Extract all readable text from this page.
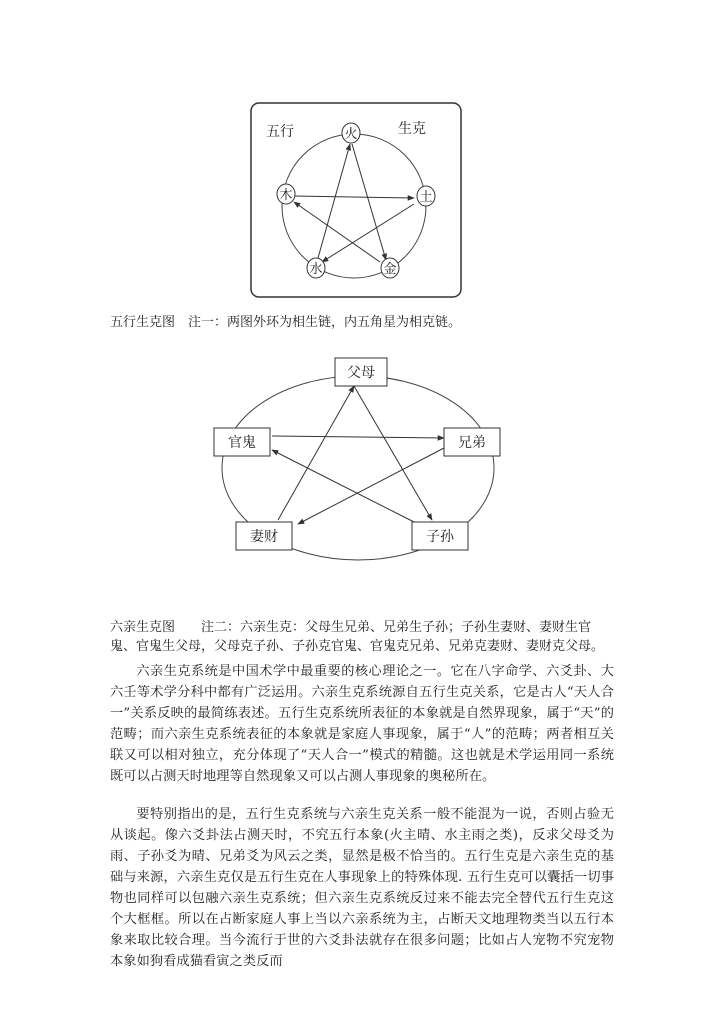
五行	生克
火
土
金
水
木

五行生克图　注一：两图外环为相生链，内五角星为相克链。

父母
兄弟
子孙
妻财
官鬼

六亲生克图　　注二：六亲生克：父母生兄弟、兄弟生子孙；子孙生妻财、妻财生官鬼、官鬼生父母，父母克子孙、子孙克官鬼、官鬼克兄弟、兄弟克妻财、妻财克父母。

六亲生克系统是中国术学中最重要的核心理论之一。它在八字命学、六爻卦、大六壬等术学分科中都有广泛运用。六亲生克系统源自五行生克关系，它是古人“天人合一”关系反映的最简练表述。五行生克系统所表征的本象就是自然界现象，属于“天”的范畴；而六亲生克系统表征的本象就是家庭人事现象，属于“人”的范畴；两者相互关联又可以相对独立，充分体现了“天人合一”模式的精髓。这也就是术学运用同一系统既可以占测天时地理等自然现象又可以占测人事现象的奥秘所在。

要特别指出的是，五行生克系统与六亲生克关系一般不能混为一说，否则占验无从谈起。像六爻卦法占测天时，不究五行本象(火主晴、水主雨之类)，反求父母爻为雨、子孙爻为晴、兄弟爻为风云之类，显然是极不恰当的。五行生克是六亲生克的基础与来源，六亲生克仅是五行生克在人事现象上的特殊体现. 五行生克可以囊括一切事物也同样可以包融六亲生克系统；但六亲生克系统反过来不能去完全替代五行生克这个大框框。所以在占断家庭人事上当以六亲系统为主，占断天文地理物类当以五行本象来取比较合理。当今流行于世的六爻卦法就存在很多问题；比如占人宠物不究宠物本象如狗看成猫看寅之类反而
